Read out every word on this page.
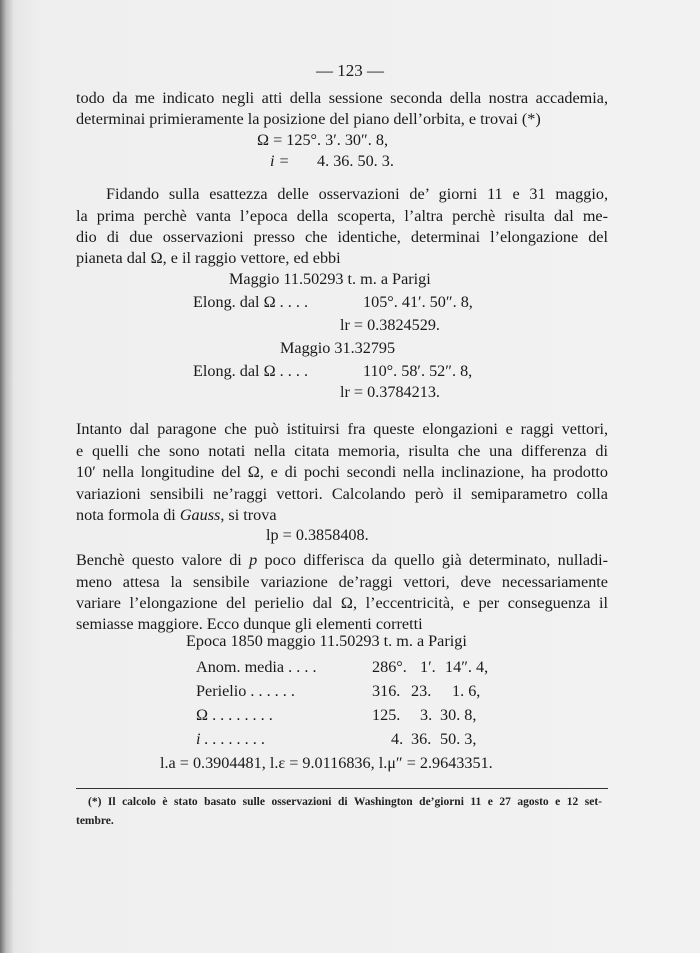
— 123 —
todo da me indicato negli atti della sessione seconda della nostra accademia,
determinai primieramente la posizione del piano dell’orbita, e trovai (*)
Ω = 125°. 3′. 30″. 8,
i = 4. 36. 50. 3.
Fidando sulla esattezza delle osservazioni de’ giorni 11 e 31 maggio,
la prima perchè vanta l’epoca della scoperta, l’altra perchè risulta dal me-
dio di due osservazioni presso che identiche, determinai l’elongazione del
pianeta dal Ω, e il raggio vettore, ed ebbi
Maggio 11.50293 t. m. a Parigi
Elong. dal Ω . . . .	105°. 41′. 50″. 8,
lr = 0.3824529.
Maggio 31.32795
Elong. dal Ω . . . .	110°. 58′. 52″. 8,
lr = 0.3784213.
Intanto dal paragone che può istituirsi fra queste elongazioni e raggi vettori,
e quelli che sono notati nella citata memoria, risulta che una differenza di
10′ nella longitudine del Ω, e di pochi secondi nella inclinazione, ha prodotto
variazioni sensibili ne’raggi vettori. Calcolando però il semiparametro colla
nota formola di Gauss, si trova
lp = 0.3858408.
Benchè questo valore di p poco differisca da quello già determinato, nulladi-
meno attesa la sensibile variazione de’raggi vettori, deve necessariamente
variare l’elongazione del perielio dal Ω, l’eccentricità, e per conseguenza il
semiasse maggiore. Ecco dunque gli elementi corretti
Epoca 1850 maggio 11.50293 t. m. a Parigi
Anom. media . . . .	286°. 1′. 14″. 4,
Perielio . . . . . .	316. 23. 1. 6,
Ω . . . . . . . .	125. 3. 30. 8,
i . . . . . . . .	4. 36. 50. 3,
l.a = 0.3904481, l.ε = 9.0116836, l.μ″ = 2.9643351.
(*) Il calcolo è stato basato sulle osservazioni di Washington de’giorni 11 e 27 agosto e 12 set-
tembre.
